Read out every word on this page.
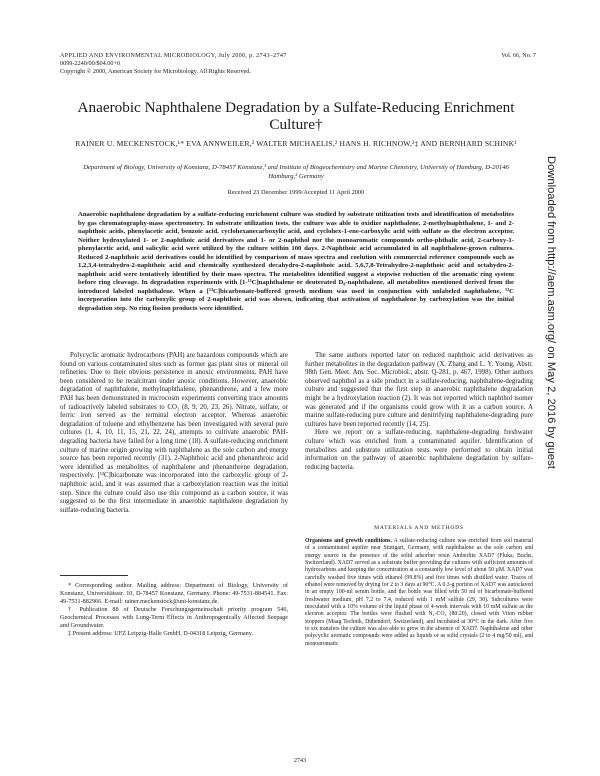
APPLIED AND ENVIRONMENTAL MICROBIOLOGY, July 2000, p. 2743–2747
0099-2240/00/$04.00+0
Copyright © 2000, American Society for Microbiology. All Rights Reserved.
Vol. 66, No. 7
Anaerobic Naphthalene Degradation by a Sulfate-Reducing Enrichment Culture†
RAINER U. MECKENSTOCK,¹* EVA ANNWEILER,² WALTER MICHAELIS,² HANS H. RICHNOW,²‡ AND BERNHARD SCHINK¹
Department of Biology, University of Konstanz, D-78457 Konstanz,¹ and Institute of Biogeochemistry and Marine Chemistry, University of Hamburg, D-20146 Hamburg,² Germany
Received 23 December 1999/Accepted 11 April 2000
Anaerobic naphthalene degradation by a sulfate-reducing enrichment culture was studied by substrate utilization tests and identification of metabolites by gas chromatography-mass spectrometry. In substrate utilization tests, the culture was able to oxidize naphthalene, 2-methylnaphthalene, 1- and 2-naphthoic acids, phenylacetic acid, benzoic acid, cyclohexanecarboxylic acid, and cyclohex-1-ene-carboxylic acid with sulfate as the electron acceptor. Neither hydroxylated 1- or 2-naphthoic acid derivatives and 1- or 2-naphthol nor the monoaromatic compounds ortho-phthalic acid, 2-carboxy-1-phenylacetic acid, and salicylic acid were utilized by the culture within 100 days. 2-Naphthoic acid accumulated in all naphthalene-grown cultures. Reduced 2-naphthoic acid derivatives could be identified by comparison of mass spectra and coelution with commercial reference compounds such as 1,2,3,4-tetrahydro-2-naphthoic acid and chemically synthesized decahydro-2-naphthoic acid. 5,6,7,8-Tetrahydro-2-naphthoic acid and octahydro-2-naphthoic acid were tentatively identified by their mass spectra. The metabolites identified suggest a stepwise reduction of the aromatic ring system before ring cleavage. In degradation experiments with [1-¹³C]naphthalene or deuterated D₈-naphthalene, all metabolites mentioned derived from the introduced labeled naphthalene. When a [¹³C]bicarbonate-buffered growth medium was used in conjunction with unlabeled naphthalene, ¹³C incorporation into the carboxylic group of 2-naphthoic acid was shown, indicating that activation of naphthalene by carboxylation was the initial degradation step. No ring fission products were identified.

Polycyclic aromatic hydrocarbons (PAH) are hazardous compounds which are found on various contaminated sites such as former gas plant sites or mineral oil refineries. Due to their obvious persistence in anoxic environments, PAH have been considered to be recalcitrant under anoxic conditions. However, anaerobic degradation of naphthalene, methylnaphthalene, phenanthrene, and a few more PAH has been demonstrated in microcosm experiments converting trace amounts of radioactively labeled substrates to CO₂ (8, 9, 20, 23, 26). Nitrate, sulfate, or ferric iron served as the terminal electron acceptor. Whereas anaerobic degradation of toluene and ethylbenzene has been investigated with several pure cultures (1, 4, 10, 11, 15, 21, 22, 24), attempts to cultivate anaerobic PAH-degrading bacteria have failed for a long time (18). A sulfate-reducing enrichment culture of marine origin growing with naphthalene as the sole carbon and energy source has been reported recently (31). 2-Naphthoic acid and phenanthroic acid were identified as metabolites of naphthalene and phenanthrene degradation, respectively. [¹³C]bicarbonate was incorporated into the carboxylic group of 2-naphthoic acid, and it was assumed that a carboxylation reaction was the initial step. Since the culture could also use this compound as a carbon source, it was suggested to be the first intermediate in anaerobic naphthalene degradation by sulfate-reducing bacteria.

The same authors reported later on reduced naphthoic acid derivatives as further metabolites in the degradation pathway (X. Zhang and L. Y. Young, Abstr. 98th Gen. Meet. Am. Soc. Microbiol., abstr. Q-281, p. 467, 1998). Other authors observed naphthol as a side product in a sulfate-reducing, naphthalene-degrading culture and suggested that the first step in anaerobic naphthalene degradation might be a hydroxylation reaction (2). It was not reported which naphthol isomer was generated and if the organisms could grow with it as a carbon source. A marine sulfate-reducing pure culture and denitrifying naphthalene-degrading pure cultures have been reported recently (14, 25).

Here we report on a sulfate-reducing, naphthalene-degrading freshwater culture which was enriched from a contaminated aquifer. Identification of metabolites and substrate utilization tests were performed to obtain initial information on the pathway of anaerobic naphthalene degradation by sulfate-reducing bacteria.

MATERIALS AND METHODS
Organisms and growth conditions. A sulfate-reducing culture was enriched from soil material of a contaminated aquifer near Stuttgart, Germany, with naphthalene as the sole carbon and energy source in the presence of the solid adsorber resin Amberlite XAD7 (Fluka, Buchs, Switzerland). XAD7 served as a substrate buffer providing the cultures with sufficient amounts of hydrocarbons and keeping the concentration at a constantly low level of about 50 µM. XAD7 was carefully washed five times with ethanol (99.8%) and five times with distilled water. Traces of ethanol were removed by drying for 2 to 3 days at 90°C. A 0.3-g portion of XAD7 was autoclaved in an empty 100-ml serum bottle, and the bottle was filled with 50 ml of bicarbonate-buffered freshwater medium, pH 7.2 to 7.4, reduced with 1 mM sulfide (29, 30). Subcultures were inoculated with a 10% volume of the liquid phase of 4-week intervals with 10 mM sulfate as the electron acceptor. The bottles were flushed with N₂-CO₂ (80:20), closed with Viton rubber stoppers (Maag Technik, Dübendorf, Switzerland), and incubated at 30°C in the dark. After five to six transfers the culture was also able to grow in the absence of XAD7. Naphthalene and other polycyclic aromatic compounds were added as liquids or as solid crystals (2 to 4 mg/50 ml), and monoaromatic
* Corresponding author. Mailing address: Department of Biology, University of Konstanz, Universitätsstr. 10, D-78457 Konstanz, Germany. Phone: 49-7531-884541. Fax: 49-7531-882966. E-mail: rainer.meckenstock@uni-konstanz.de.
† Publication 88 of Deutsche Forschungsgemeinschaft priority program 546, Geochemical Processes with Long-Term Effects in Anthropogenically Affected Seepage and Groundwater.
‡ Present address: UFZ Leipzig-Halle GmbH, D-04318 Leipzig, Germany.
2743
Downloaded from http://aem.asm.org/ on May 2, 2016 by guest
